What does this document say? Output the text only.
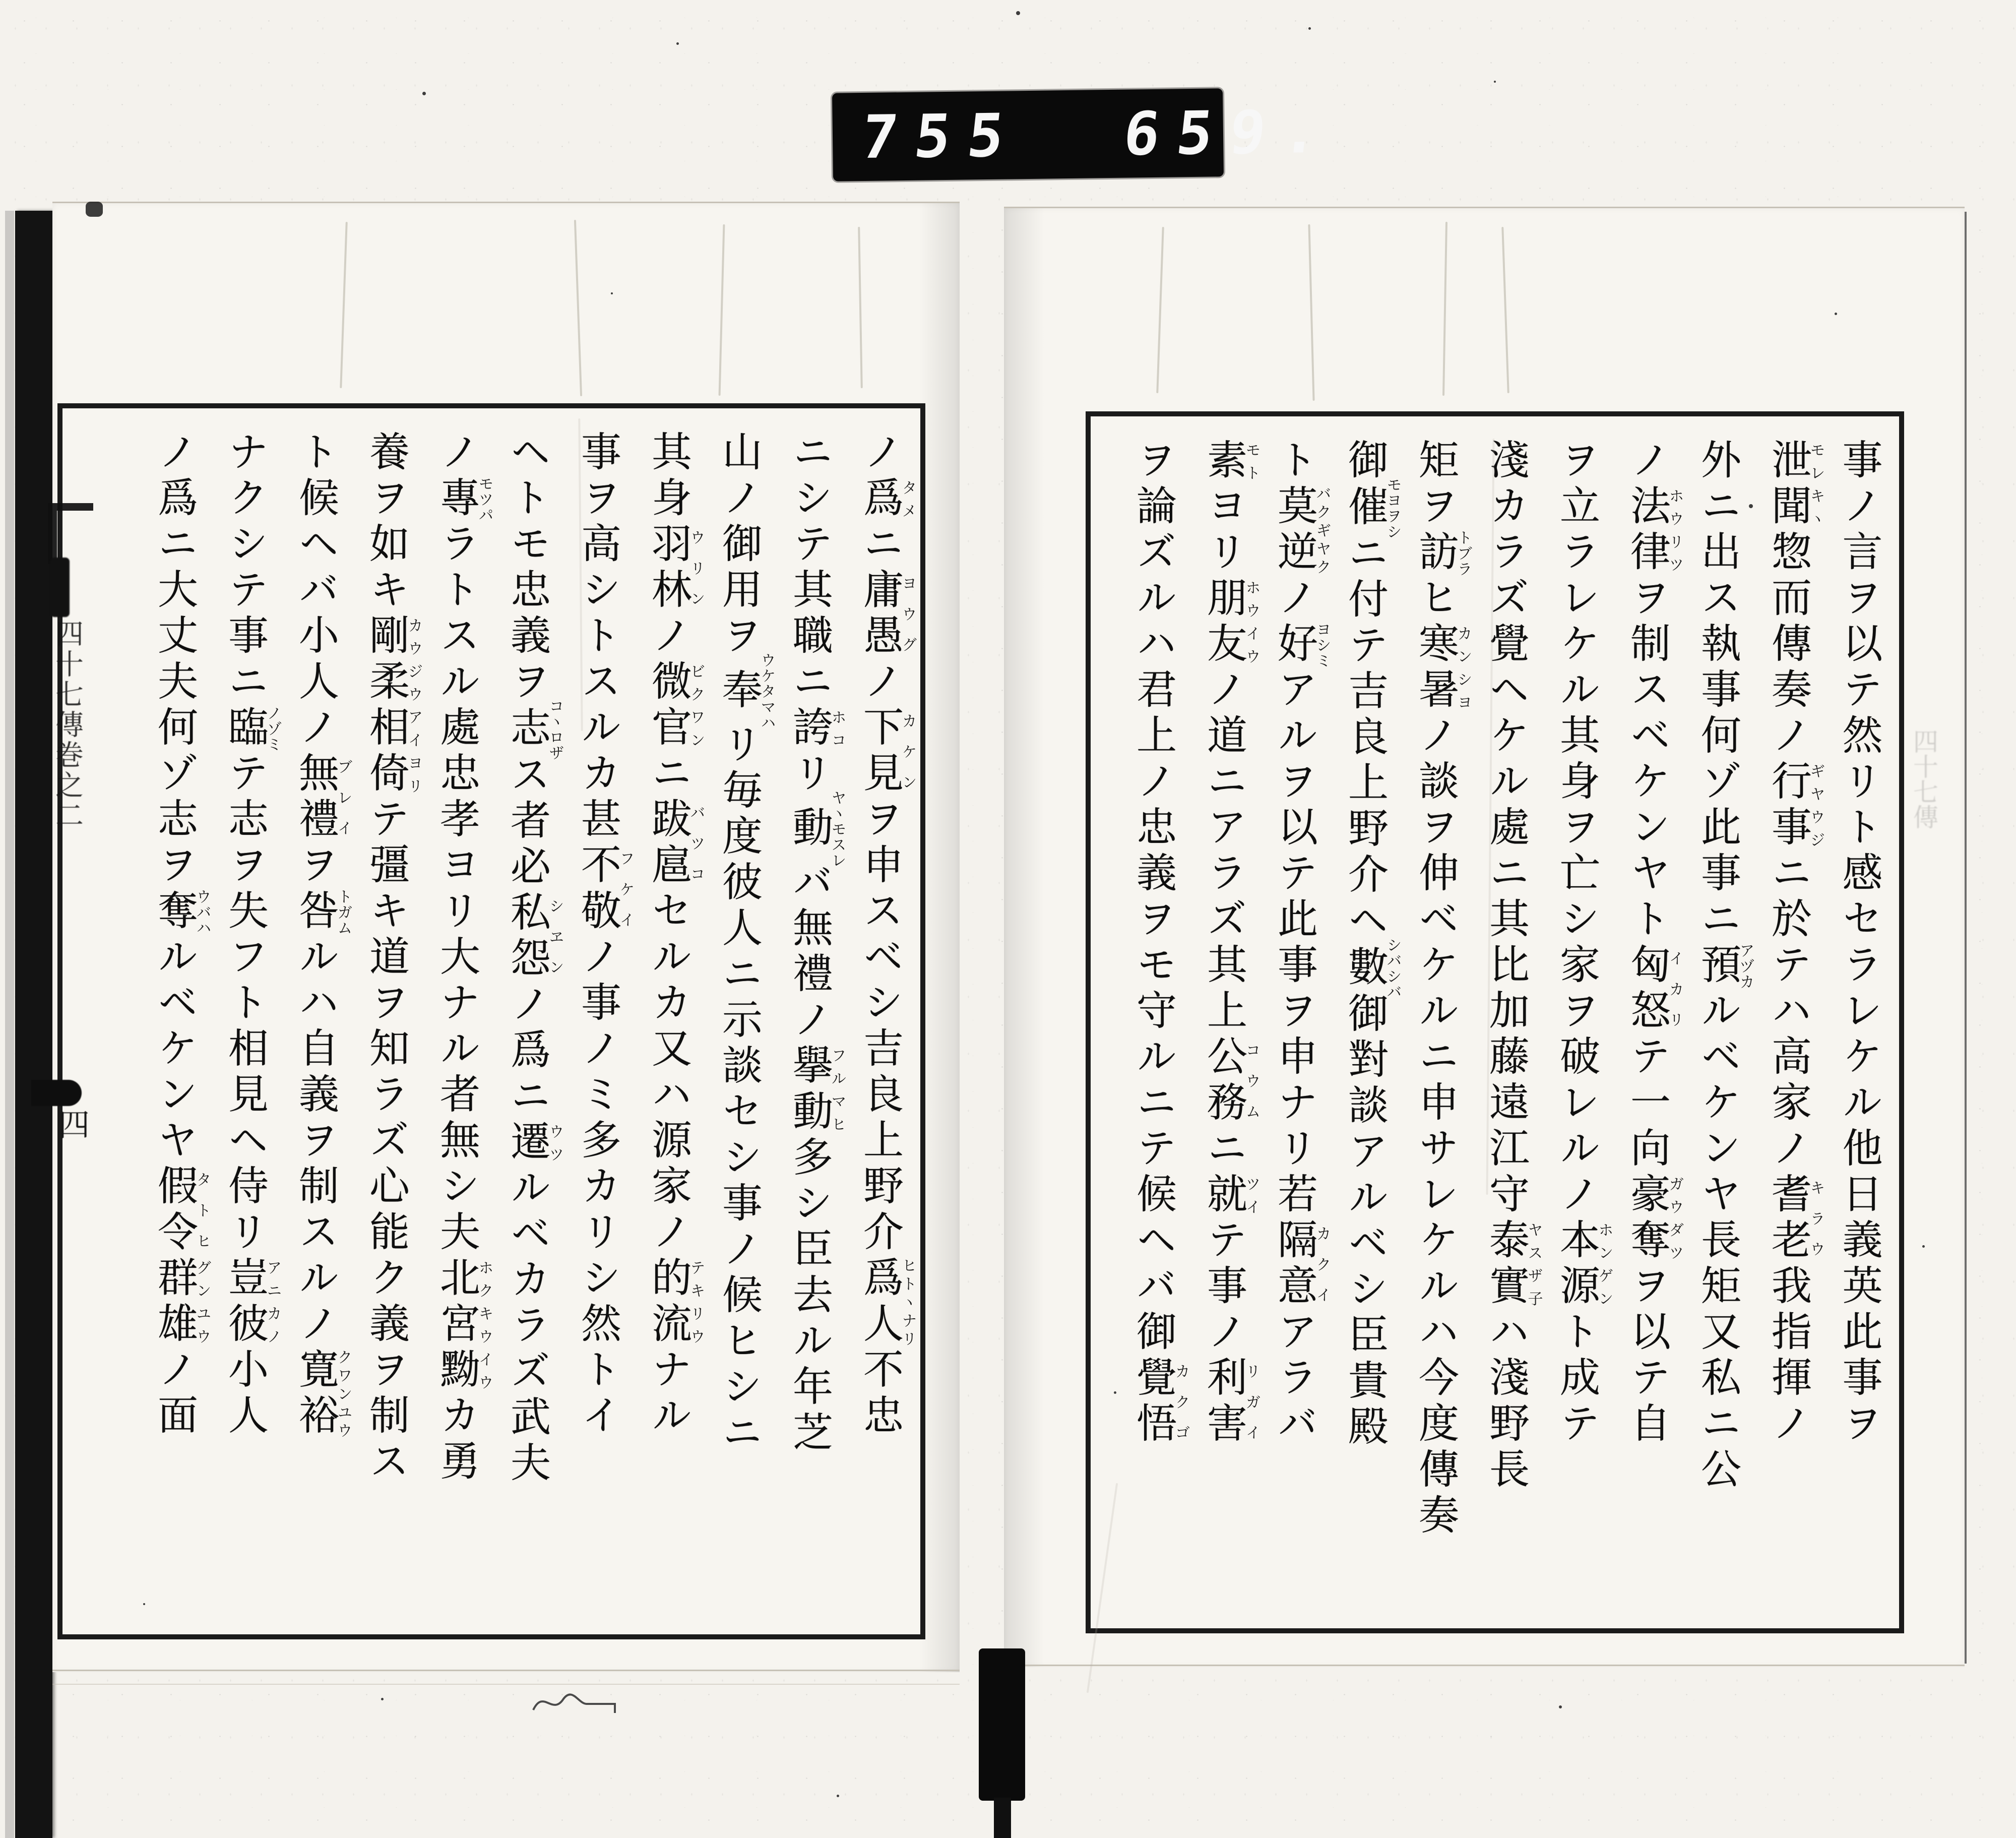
755 659.
ノ爲タメニ庸愚ヨウグノ下見カケンヲ申スベシ吉良上野介爲人ヒトヽナリ不忠
ニシテ其職ニ誇ホコリ動ヤヽモスレバ無禮ノ擧動フルマヒ多シ臣去ル年芝
山ノ御用ヲ奉ウケタマハリ毎度彼人ニ示談セシ事ノ候ヒシニ
其身羽林ウリンノ微官ビクワンニ跋扈バツコセルカ又ハ源家ノ的流テキリウナル
事ヲ高シトスルカ甚不敬フケイノ事ノミ多カリシ然トイ
ヘトモ忠義ヲ志コヽロザス者必私怨シヱンノ爲ニ遷ウツルベカラズ武夫
ノ專モツパラトスル處忠孝ヨリ大ナル者無シ夫北宮黝ホクキウイウカ勇
養ヲ如キ剛柔相倚カウジウアイヨリテ彊キ道ヲ知ラズ心能ク義ヲ制ス
ト候ヘバ小人ノ無禮ブレイヲ咎トガムルハ自義ヲ制スルノ寛裕クワンユウ
ナクシテ事ニ臨ノゾミテ志ヲ失フト相見ヘ侍リ豈アニ彼カノ小人
ノ爲ニ大丈夫何ゾ志ヲ奪ウバハルベケンヤ假令タトヒ群雄グンユウノ面	事ノ言ヲ以テ然リト感セラレケル他日義英此事ヲ
泄聞モレキヽ惣而傳奏ノ行事ギヤウジニ於テハ高家ノ耆老キラウ我指揮ノ
外ニ出ス執事何ゾ此事ニ預アヅカルベケンヤ長矩又私ニ公
ノ法律ホウリツヲ制スベケンヤト匈怒イカリテ一向豪奪ガウダツヲ以テ自
ヲ立ラレケル其身ヲ亡シ家ヲ破レルノ本源ホンゲント成テ
淺カラズ覺ヘケル處ニ其比加藤遠江守泰實ヤスザ子ハ淺野長
矩ヲ訪トブラヒ寒暑カンシヨノ談ヲ伸ベケルニ申サレケルハ今度傳奏
御催モヨヲシニ付テ吉良上野介ヘ數シバシバ御對談アルベシ臣貴殿
ト莫逆バクギヤクノ好ヨシミアルヲ以テ此事ヲ申ナリ若隔意カクイアラバ
素モトヨリ朋友ホウイウノ道ニアラズ其上公務コウムニ就ツイテ事ノ利害リガイ
ヲ論ズルハ君上ノ忠義ヲモ守ルニテ候ヘバ御覺悟カクゴ
四十七傳巻之二
四
四十七傳
